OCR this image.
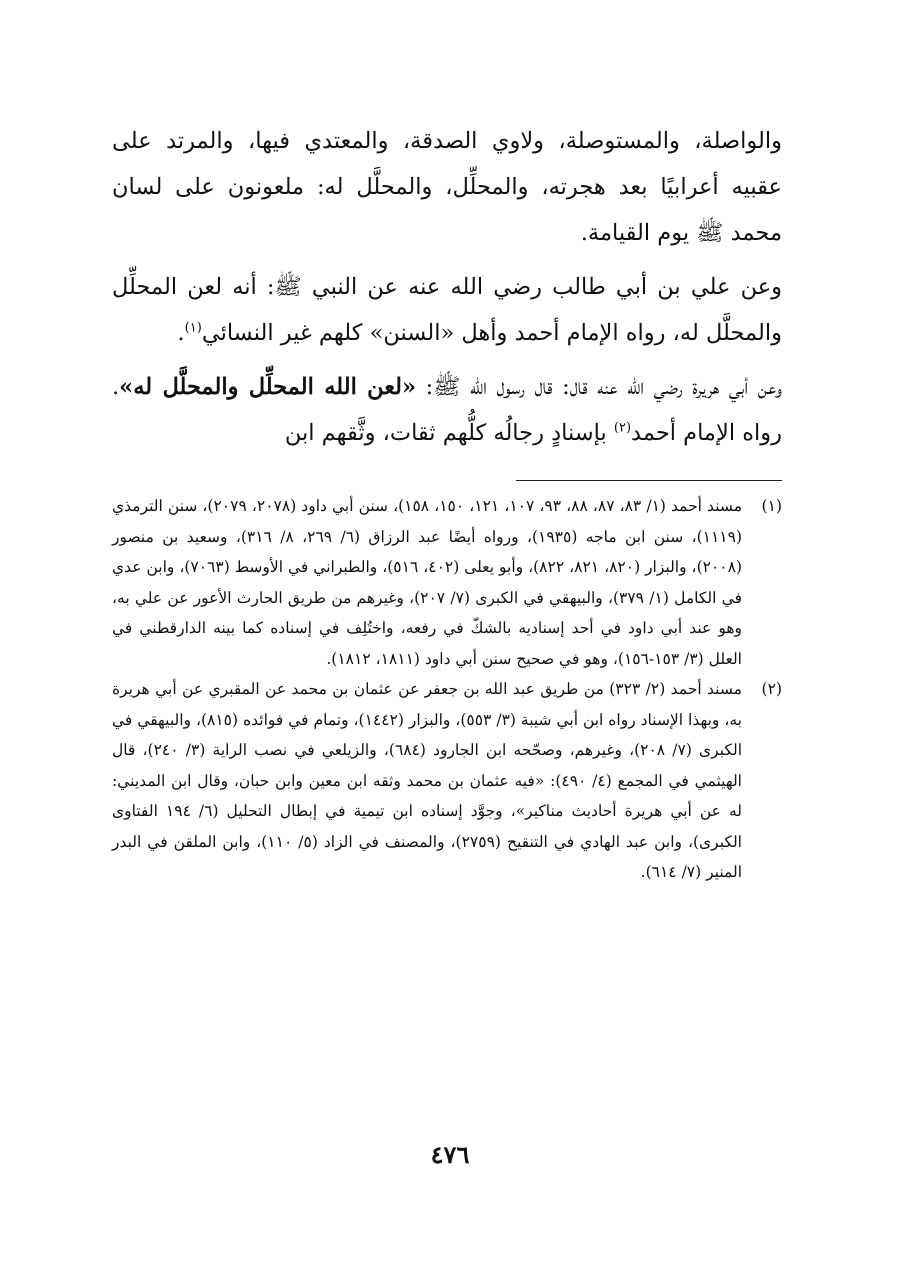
والواصلة، والمستوصلة، ولاوي الصدقة، والمعتدي فيها، والمرتد على عقبيه أعرابيًا بعد هجرته، والمحلِّل، والمحلَّل له: ملعونون على لسان محمد ﷺ يوم القيامة.

وعن علي بن أبي طالب رضي الله عنه عن النبي ﷺ: أنه لعن المحلِّل والمحلَّل له، رواه الإمام أحمد وأهل «السنن» كلهم غير النسائي$^{(١)}$.

وعن أبي هريرة رضي الله عنه قال: قال رسول الله ﷺ: «لعن الله المحلِّل والمحلَّل له». رواه الإمام أحمد$^{(٢)}$ بإسنادٍ رجالُه كلُّهم ثقات، وثَّقهم ابن

(١)
مسند أحمد (١/ ٨٣، ٨٧، ٨٨، ٩٣، ١٠٧، ١٢١، ١٥٠، ١٥٨)، سنن أبي داود (٢٠٧٨، ٢٠٧٩)، سنن الترمذي (١١١٩)، سنن ابن ماجه (١٩٣٥)، ورواه أيضًا عبد الرزاق (٦/ ٢٦٩، ٨/ ٣١٦)، وسعيد بن منصور (٢٠٠٨)، والبزار (٨٢٠، ٨٢١، ٨٢٢)، وأبو يعلى (٤٠٢، ٥١٦)، والطبراني في الأوسط (٧٠٦٣)، وابن عدي في الكامل (١/ ٣٧٩)، والبيهقي في الكبرى (٧/ ٢٠٧)، وغيرهم من طريق الحارث الأعور عن علي به، وهو عند أبي داود في أحد إسناديه بالشكّ في رفعه، واختُلِف في إسناده كما بينه الدارقطني في العلل (٣/ ١٥٣-١٥٦)، وهو في صحيح سنن أبي داود (١٨١١، ١٨١٢).
(٢)
مسند أحمد (٢/ ٣٢٣) من طريق عبد الله بن جعفر عن عثمان بن محمد عن المقبري عن أبي هريرة به، وبهذا الإسناد رواه ابن أبي شيبة (٣/ ٥٥٣)، والبزار (١٤٤٢)، وتمام في فوائده (٨١٥)، والبيهقي في الكبرى (٧/ ٢٠٨)، وغيرهم، وصحّحه ابن الجارود (٦٨٤)، والزيلعي في نصب الراية (٣/ ٢٤٠)، قال الهيثمي في المجمع (٤/ ٤٩٠): «فيه عثمان بن محمد وثقه ابن معين وابن حبان، وقال ابن المديني: له عن أبي هريرة أحاديث مناكير»، وجوَّد إسناده ابن تيمية في إبطال التحليل (٦/ ١٩٤ الفتاوى الكبرى)، وابن عبد الهادي في التنقيح (٢٧٥٩)، والمصنف في الزاد (٥/ ١١٠)، وابن الملقن في البدر المنير (٧/ ٦١٤).
٤٧٦
